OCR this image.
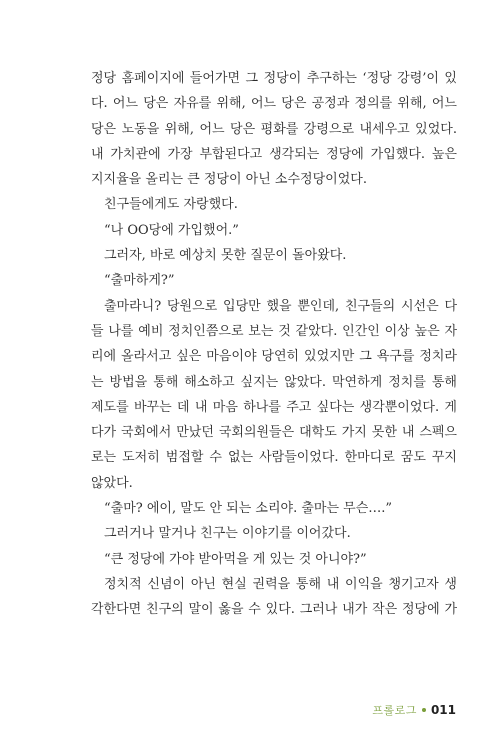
정당 홈페이지에 들어가면 그 정당이 추구하는 ‘정당 강령’이 있
다. 어느 당은 자유를 위해, 어느 당은 공정과 정의를 위해, 어느
당은 노동을 위해, 어느 당은 평화를 강령으로 내세우고 있었다.
내 가치관에 가장 부합된다고 생각되는 정당에 가입했다. 높은
지지율을 올리는 큰 정당이 아닌 소수정당이었다.
친구들에게도 자랑했다.
“나 OO당에 가입했어.”
그러자, 바로 예상치 못한 질문이 돌아왔다.
“출마하게?”
출마라니? 당원으로 입당만 했을 뿐인데, 친구들의 시선은 다
들 나를 예비 정치인쯤으로 보는 것 같았다. 인간인 이상 높은 자
리에 올라서고 싶은 마음이야 당연히 있었지만 그 욕구를 정치라
는 방법을 통해 해소하고 싶지는 않았다. 막연하게 정치를 통해
제도를 바꾸는 데 내 마음 하나를 주고 싶다는 생각뿐이었다. 게
다가 국회에서 만났던 국회의원들은 대학도 가지 못한 내 스펙으
로는 도저히 범접할 수 없는 사람들이었다. 한마디로 꿈도 꾸지
않았다.
“출마? 에이, 말도 안 되는 소리야. 출마는 무슨….”
그러거나 말거나 친구는 이야기를 이어갔다.
“큰 정당에 가야 받아먹을 게 있는 것 아니야?”
정치적 신념이 아닌 현실 권력을 통해 내 이익을 챙기고자 생
각한다면 친구의 말이 옳을 수 있다. 그러나 내가 작은 정당에 가
프롤로그 011
